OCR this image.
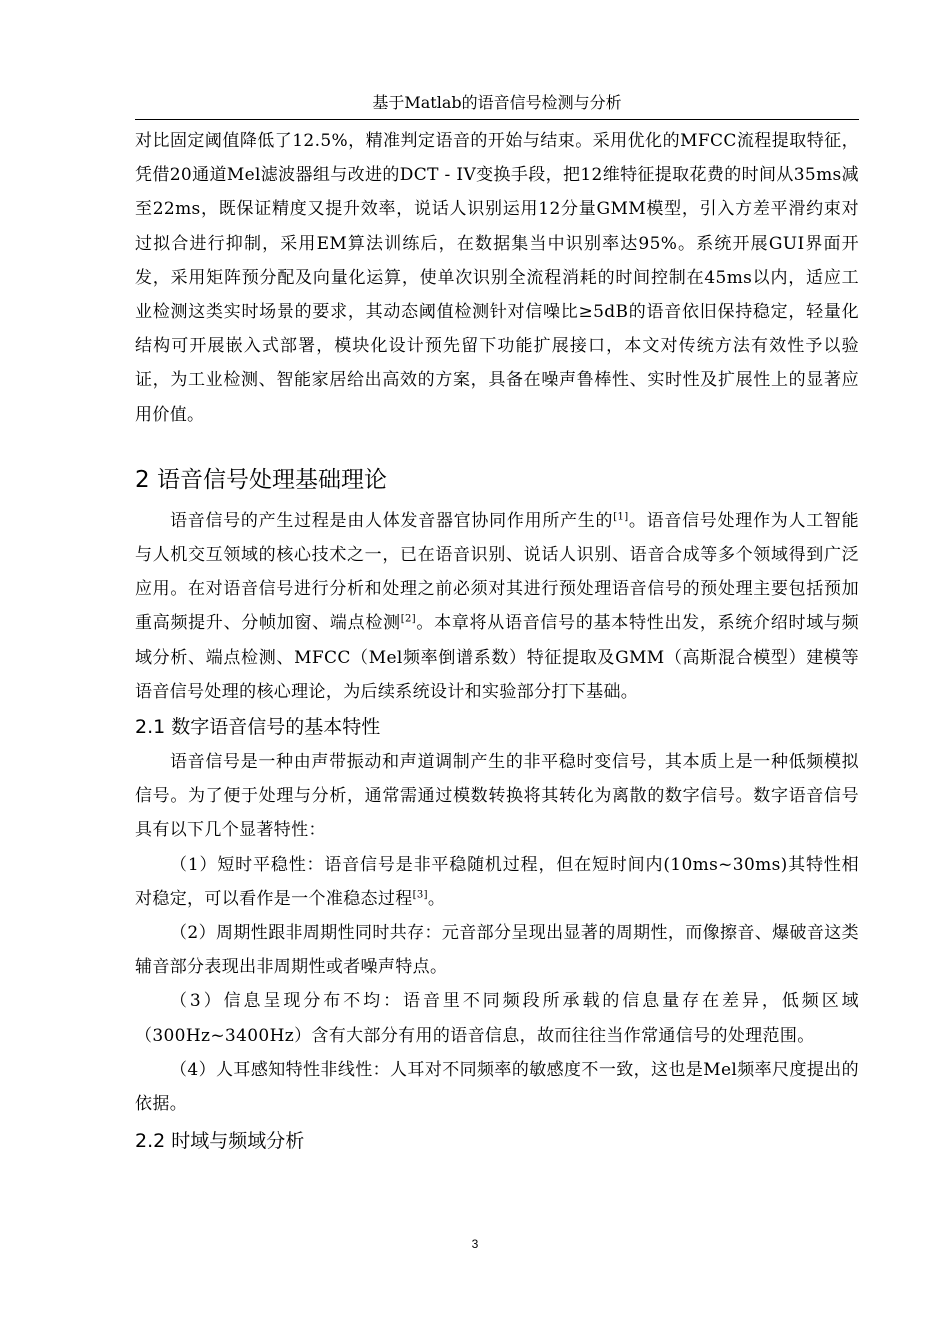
基于Matlab的语音信号检测与分析

对比固定阈值降低了12.5%，精准判定语音的开始与结束。采用优化的MFCC流程提取特征，凭借20通道Mel滤波器组与改进的DCT - IV变换手段，把12维特征提取花费的时间从35ms减至22ms，既保证精度又提升效率，说话人识别运用12分量GMM模型，引入方差平滑约束对过拟合进行抑制，采用EM算法训练后，在数据集当中识别率达95%。系统开展GUI界面开发，采用矩阵预分配及向量化运算，使单次识别全流程消耗的时间控制在45ms以内，适应工业检测这类实时场景的要求，其动态阈值检测针对信噪比≥5dB的语音依旧保持稳定，轻量化结构可开展嵌入式部署，模块化设计预先留下功能扩展接口，本文对传统方法有效性予以验证，为工业检测、智能家居给出高效的方案，具备在噪声鲁棒性、实时性及扩展性上的显著应用价值。

2 语音信号处理基础理论

语音信号的产生过程是由人体发音器官协同作用所产生的[1]。语音信号处理作为人工智能与人机交互领域的核心技术之一，已在语音识别、说话人识别、语音合成等多个领域得到广泛应用。在对语音信号进行分析和处理之前必须对其进行预处理语音信号的预处理主要包括预加重高频提升、分帧加窗、端点检测[2]。本章将从语音信号的基本特性出发，系统介绍时域与频域分析、端点检测、MFCC（Mel频率倒谱系数）特征提取及GMM（高斯混合模型）建模等语音信号处理的核心理论，为后续系统设计和实验部分打下基础。

2.1 数字语音信号的基本特性

语音信号是一种由声带振动和声道调制产生的非平稳时变信号，其本质上是一种低频模拟信号。为了便于处理与分析，通常需通过模数转换将其转化为离散的数字信号。数字语音信号具有以下几个显著特性：

（1）短时平稳性：语音信号是非平稳随机过程，但在短时间内(10ms~30ms)其特性相对稳定，可以看作是一个准稳态过程[3]。

（2）周期性跟非周期性同时共存：元音部分呈现出显著的周期性，而像擦音、爆破音这类辅音部分表现出非周期性或者噪声特点。

（3）信息呈现分布不均：语音里不同频段所承载的信息量存在差异，低频区域（300Hz~3400Hz）含有大部分有用的语音信息，故而往往当作常通信号的处理范围。

（4）人耳感知特性非线性：人耳对不同频率的敏感度不一致，这也是Mel频率尺度提出的依据。

2.2 时域与频域分析
3
